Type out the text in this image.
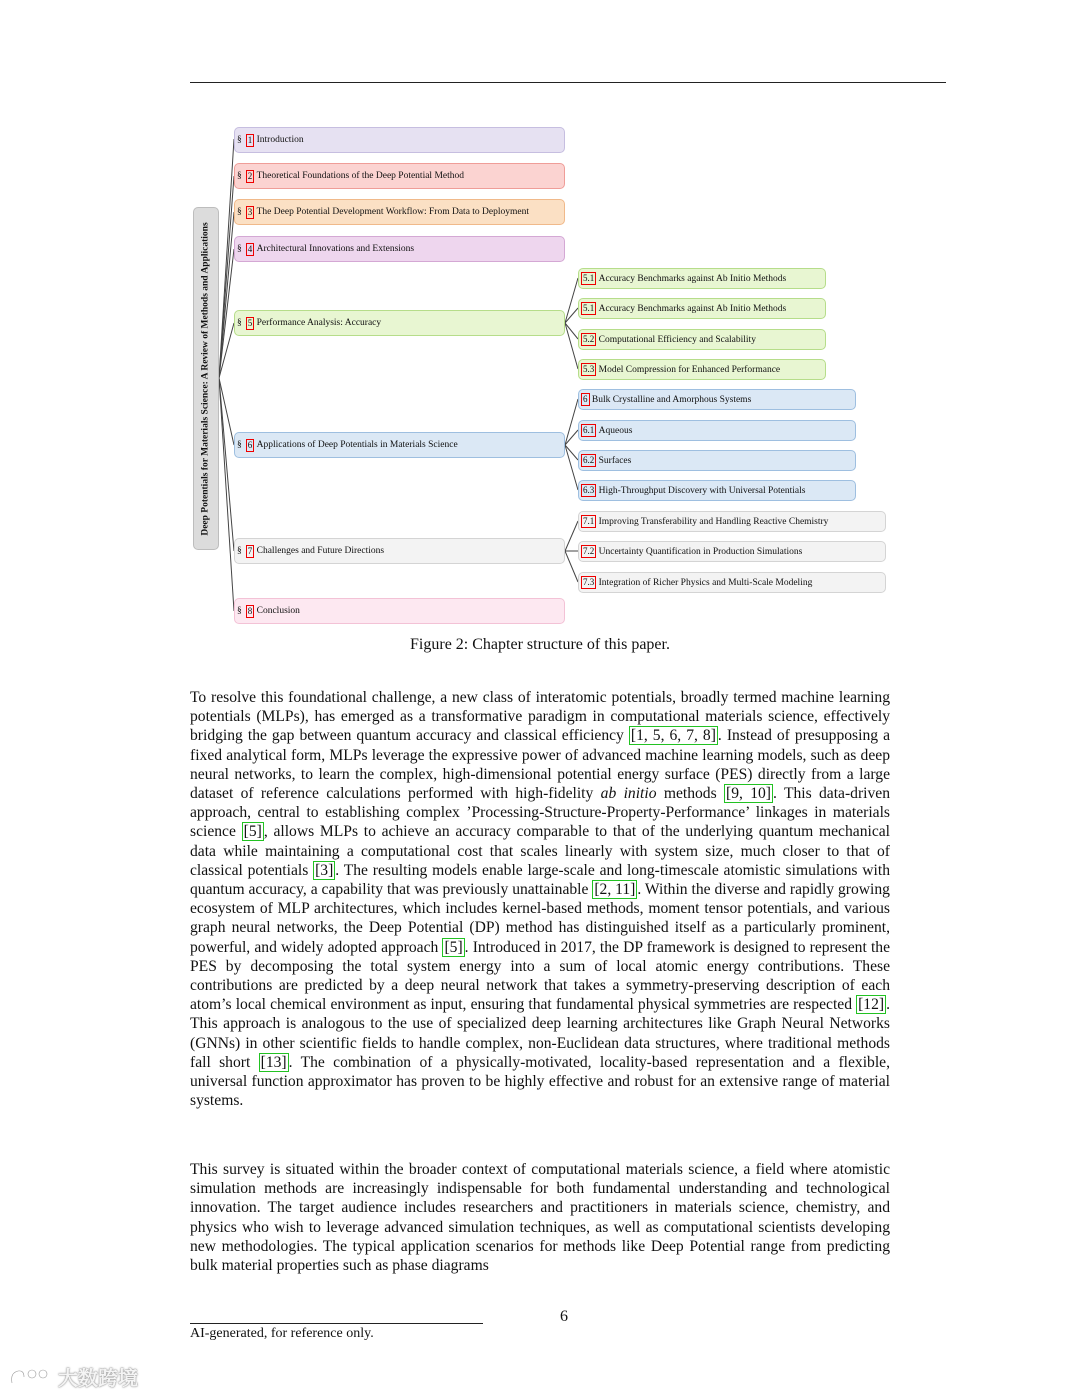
Deep Potentials for Materials Science: A Review of Methods and Applications
§ 1
Introduction
§ 2
Theoretical Foundations of the Deep Potential Method
§ 3
The Deep Potential Development Workflow: From Data to Deployment
§ 4
Architectural Innovations and Extensions
§ 5
Performance Analysis: Accuracy
§ 6
Applications of Deep Potentials in Materials Science
§ 7
Challenges and Future Directions
§ 8
Conclusion
5.1
Accuracy Benchmarks against Ab Initio Methods
5.1
Accuracy Benchmarks against Ab Initio Methods
5.2
Computational Efficiency and Scalability
5.3
Model Compression for Enhanced Performance
6
Bulk Crystalline and Amorphous Systems
6.1
Aqueous
6.2
Surfaces
6.3
High-Throughput Discovery with Universal Potentials
7.1
Improving Transferability and Handling Reactive Chemistry
7.2
Uncertainty Quantification in Production Simulations
7.3
Integration of Richer Physics and Multi-Scale Modeling
Figure 2: Chapter structure of this paper.

To resolve this foundational challenge, a new class of interatomic potentials, broadly termed machine learning potentials (MLPs), has emerged as a transformative paradigm in computational materials science, effectively bridging the gap between quantum accuracy and classical efficiency [1, 5, 6, 7, 8] . Instead of presupposing a fixed analytical form, MLPs leverage the expressive power of advanced machine learning models, such as deep neural networks, to learn the complex, high-dimensional potential energy surface (PES) directly from a large dataset of reference calculations performed with high-fidelity ab initio methods [9, 10] . This data-driven approach, central to establishing complex ’Processing-Structure-Property-Performance’ linkages in materials science [5] , allows MLPs to achieve an accuracy comparable to that of the underlying quantum mechanical data while maintaining a computational cost that scales linearly with system size, much closer to that of classical potentials [3] . The resulting models enable large-scale and long-timescale atomistic simulations with quantum accuracy, a capability that was previously unattainable [2, 11] . Within the diverse and rapidly growing ecosystem of MLP architectures, which includes kernel-based methods, moment tensor potentials, and various graph neural networks, the Deep Potential (DP) method has distinguished itself as a particularly prominent, powerful, and widely adopted approach [5] . Introduced in 2017, the DP framework is designed to represent the PES by decomposing the total system energy into a sum of local atomic energy contributions. These contributions are predicted by a deep neural network that takes a symmetry-preserving description of each atom’s local chemical environment as input, ensuring that fundamental physical symmetries are respected [12] . This approach is analogous to the use of specialized deep learning architectures like Graph Neural Networks (GNNs) in other scientific fields to handle complex, non-Euclidean data structures, where traditional methods fall short [13] . The combination of a physically-motivated, locality-based representation and a flexible, universal function approximator has proven to be highly effective and robust for an extensive range of material systems.

This survey is situated within the broader context of computational materials science, a field where atomistic simulation methods are increasingly indispensable for both fundamental understanding and technological innovation. The target audience includes researchers and practitioners in materials science, chemistry, and physics who wish to leverage advanced simulation techniques, as well as computational scientists developing new methodologies. The typical application scenarios for methods like Deep Potential range from predicting bulk material properties such as phase diagrams

6
AI-generated, for reference only.
大数跨境
